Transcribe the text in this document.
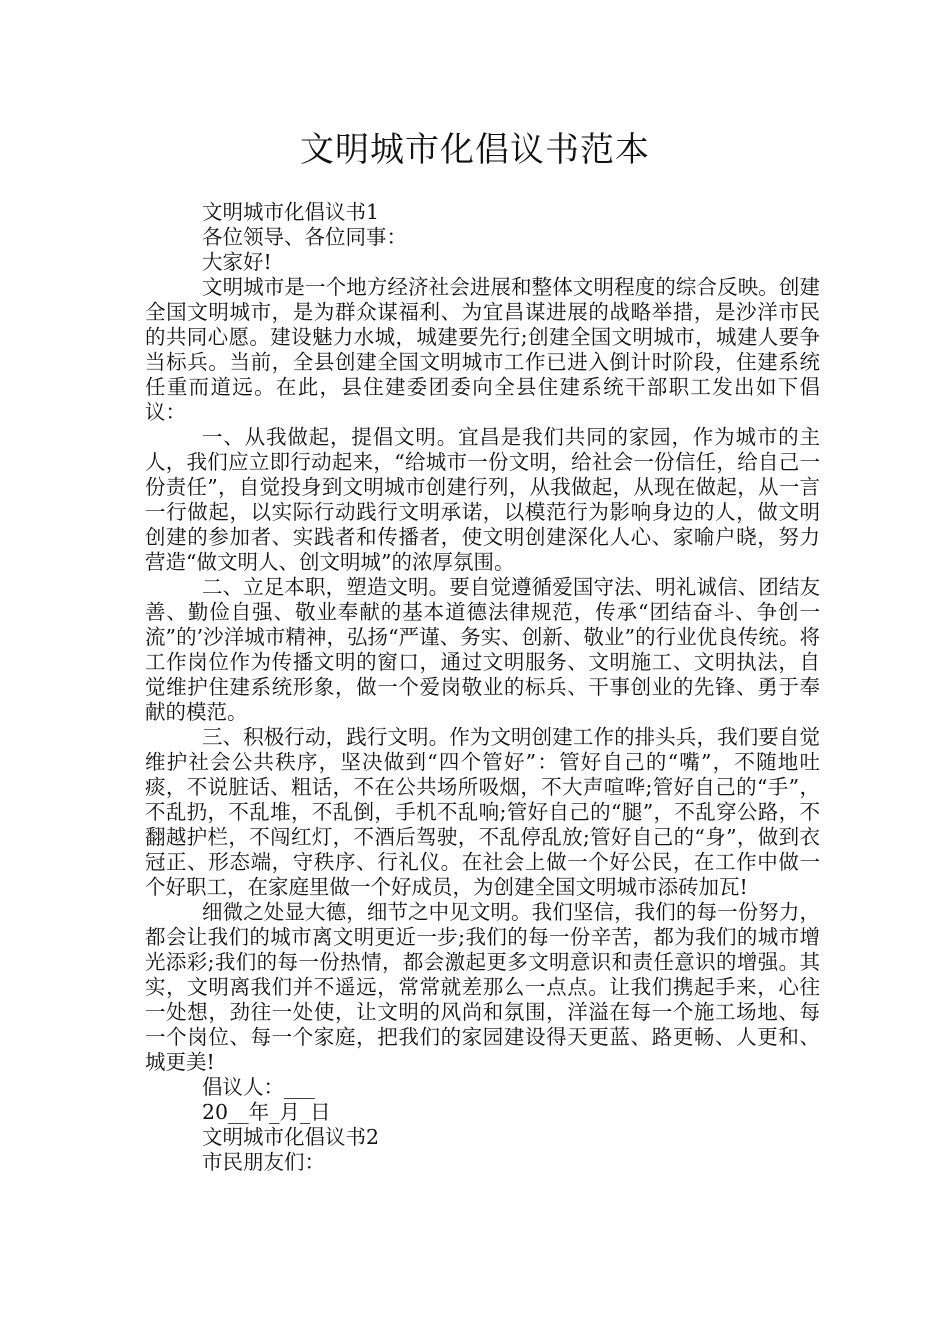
文明城市化倡议书范本

文明城市化倡议书1

各位领导、各位同事：

大家好!

文明城市是一个地方经济社会进展和整体文明程度的综合反映。创建全国文明城市，是为群众谋福利、为宜昌谋进展的战略举措，是沙洋市民的共同心愿。建设魅力水城，城建要先行;创建全国文明城市，城建人要争当标兵。当前，全县创建全国文明城市工作已进入倒计时阶段，住建系统任重而道远。在此，县住建委团委向全县住建系统干部职工发出如下倡议：

一、从我做起，提倡文明。宜昌是我们共同的家园，作为城市的主人，我们应立即行动起来，“给城市一份文明，给社会一份信任，给自己一份责任”，自觉投身到文明城市创建行列，从我做起，从现在做起，从一言一行做起，以实际行动践行文明承诺，以模范行为影响身边的人，做文明创建的参加者、实践者和传播者，使文明创建深化人心、家喻户晓，努力营造“做文明人、创文明城”的浓厚氛围。

二、立足本职，塑造文明。要自觉遵循爱国守法、明礼诚信、团结友善、勤俭自强、敬业奉献的基本道德法律规范，传承“团结奋斗、争创一流”的’沙洋城市精神，弘扬“严谨、务实、创新、敬业”的行业优良传统。将工作岗位作为传播文明的窗口，通过文明服务、文明施工、文明执法，自觉维护住建系统形象，做一个爱岗敬业的标兵、干事创业的先锋、勇于奉献的模范。

三、积极行动，践行文明。作为文明创建工作的排头兵，我们要自觉维护社会公共秩序，坚决做到“四个管好”：管好自己的“嘴”，不随地吐痰，不说脏话、粗话，不在公共场所吸烟，不大声喧哗;管好自己的“手”，不乱扔，不乱堆，不乱倒，手机不乱响;管好自己的“腿”，不乱穿公路，不翻越护栏，不闯红灯，不酒后驾驶，不乱停乱放;管好自己的“身”，做到衣冠正、形态端，守秩序、行礼仪。在社会上做一个好公民，在工作中做一个好职工，在家庭里做一个好成员，为创建全国文明城市添砖加瓦!

细微之处显大德，细节之中见文明。我们坚信，我们的每一份努力，都会让我们的城市离文明更近一步;我们的每一份辛苦，都为我们的城市增光添彩;我们的每一份热情，都会激起更多文明意识和责任意识的增强。其实，文明离我们并不遥远，常常就差那么一点点。让我们携起手来，心往一处想，劲往一处使，让文明的风尚和氛围，洋溢在每一个施工场地、每一个岗位、每一个家庭，把我们的家园建设得天更蓝、路更畅、人更和、城更美!

倡议人：___

20__年_月_日

文明城市化倡议书2

市民朋友们：
